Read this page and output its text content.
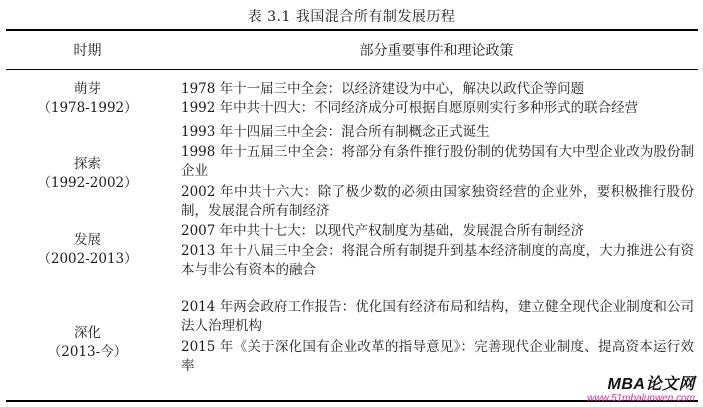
表 3.1 我国混合所有制发展历程
时期	部分重要事件和理论政策
萌芽
（1978-1992）
1978 年十一届三中全会：以经济建设为中心，解决以政代企等问题
1992 年中共十四大：不同经济成分可根据自愿原则实行多种形式的联合经营
探索
（1992-2002）
1993 年十四届三中全会：混合所有制概念正式诞生
1998 年十五届三中全会：将部分有条件推行股份制的优势国有大中型企业改为股份制企业
2002 年中共十六大：除了极少数的必须由国家独资经营的企业外，要积极推行股份制，发展混合所有制经济
发展
（2002-2013）
2007 年中共十七大：以现代产权制度为基础，发展混合所有制经济
2013 年十八届三中全会：将混合所有制提升到基本经济制度的高度，大力推进公有资本与非公有资本的融合
深化
（2013-今）
2014 年两会政府工作报告：优化国有经济布局和结构，建立健全现代企业制度和公司法人治理机构
2015 年《关于深化国有企业改革的指导意见》：完善现代企业制度、提高资本运行效率
MBA论文网
www.51mbalunwen.com
